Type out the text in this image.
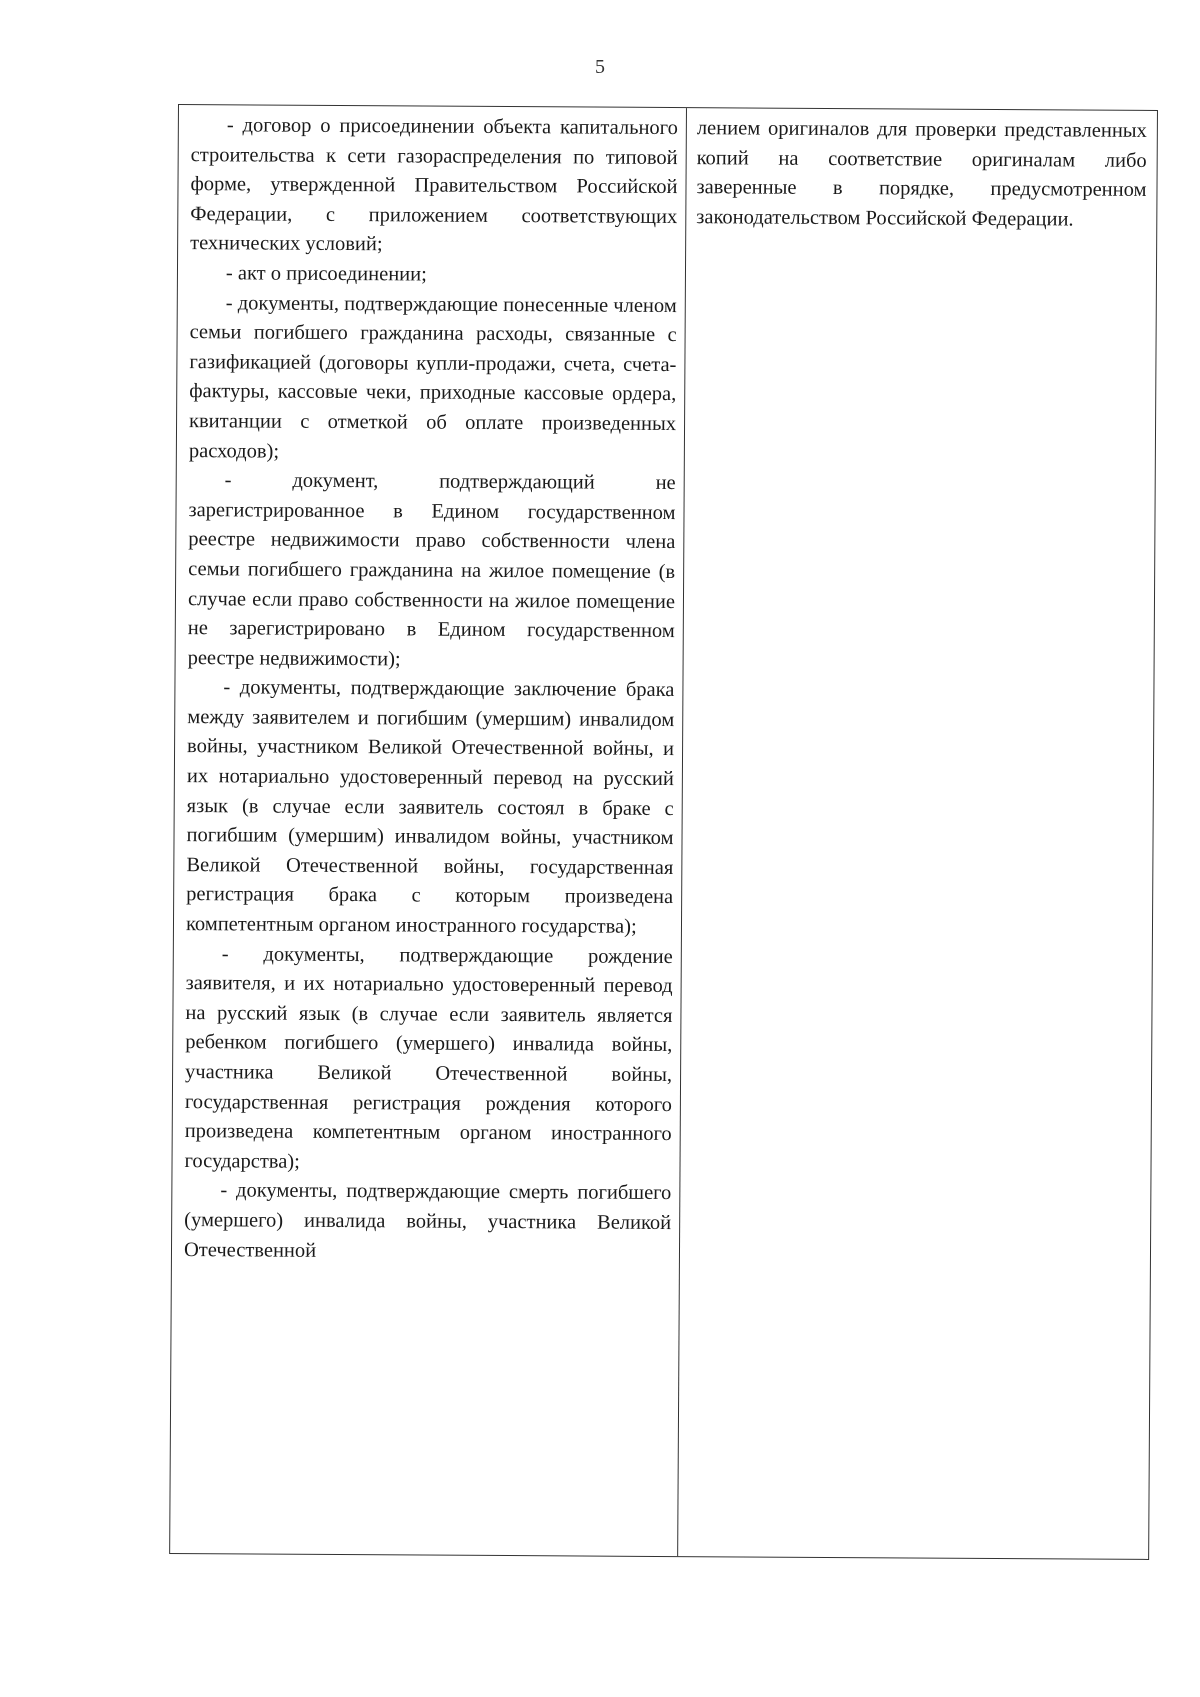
5

- договор о присоединении объекта капитального строительства к сети газораспределения по типовой форме, утвержденной Правительством Российской Федерации, с приложением соответствующих технических условий;

- акт о присоединении;

- документы, подтверждающие понесенные членом семьи погибшего гражданина расходы, связанные с газификацией (договоры купли-продажи, счета, счета-фактуры, кассовые чеки, приходные кассовые ордера, квитанции с отметкой об оплате произведенных расходов);

- документ, подтверждающий не зарегистрированное в Едином государственном реестре недвижимости право собственности члена семьи погибшего гражданина на жилое помещение (в случае если право собственности на жилое помещение не зарегистрировано в Едином государственном реестре недвижимости);

- документы, подтверждающие заключение брака между заявителем и погибшим (умершим) инвалидом войны, участником Великой Отечественной войны, и их нотариально удостоверенный перевод на русский язык (в случае если заявитель состоял в браке с погибшим (умершим) инвалидом войны, участником Великой Отечественной войны, государственная регистрация брака с которым произведена компетентным органом иностранного государства);

- документы, подтверждающие рождение заявителя, и их нотариально удостоверенный перевод на русский язык (в случае если заявитель является ребенком погибшего (умершего) инвалида войны, участника Великой Отечественной войны, государственная регистрация рождения которого произведена компетентным органом иностранного государства);

- документы, подтверждающие смерть погибшего (умершего) инвалида войны, участника Великой Отечественной

лением оригиналов для проверки представленных копий на соответствие оригиналам либо заверенные в порядке, предусмотренном законодательством Российской Федерации.
